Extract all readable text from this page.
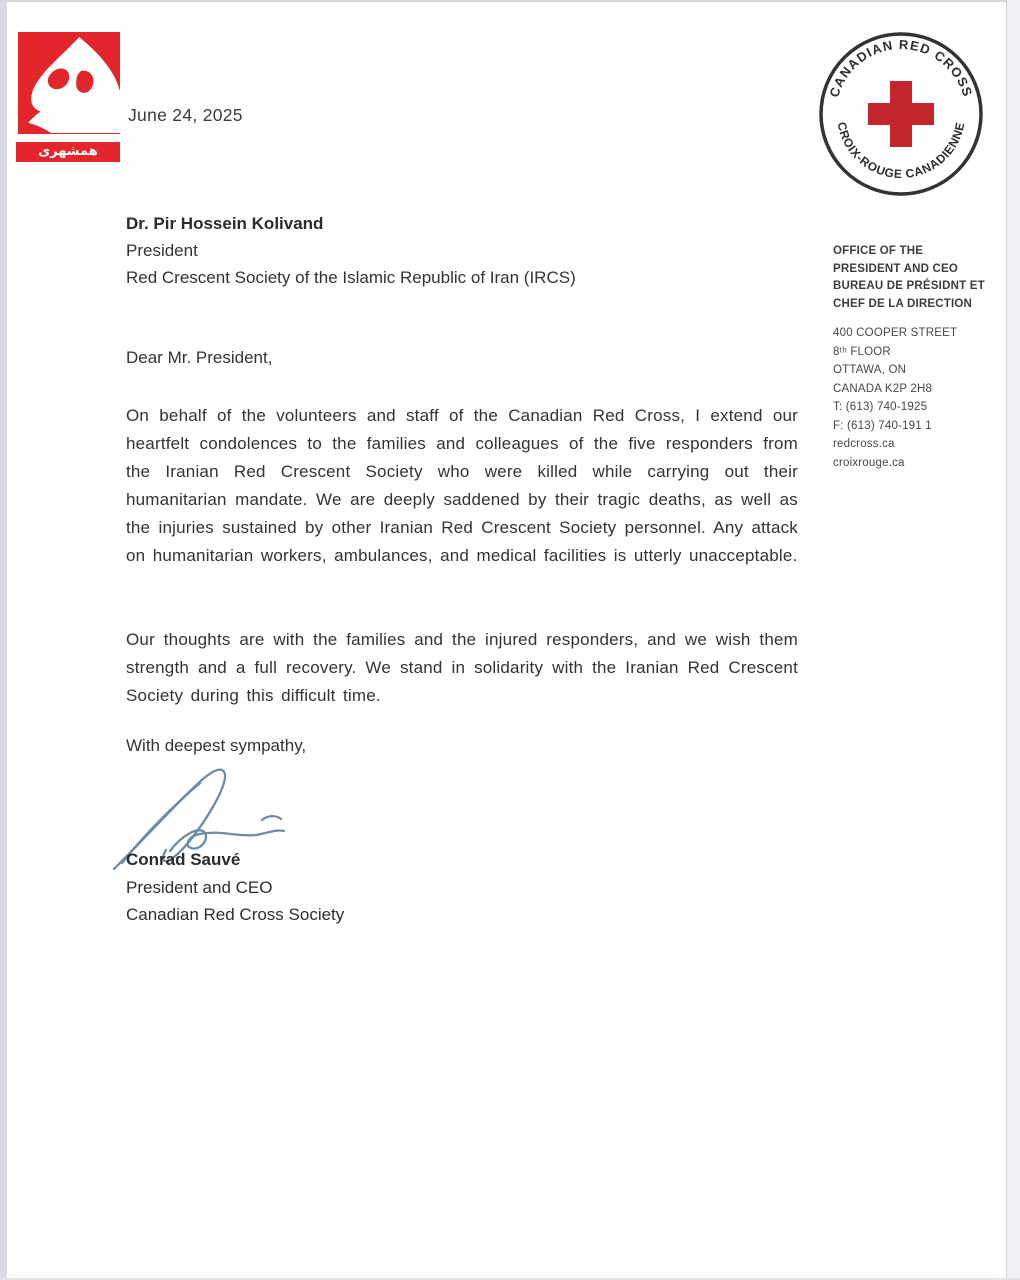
همشهری
June 24, 2025
CANADIAN RED CROSS
CROIX-ROUGE CANADIENNE
OFFICE OF THE
PRESIDENT AND CEO
BUREAU DE PRÉSIDNT ET
CHEF DE LA DIRECTION
400 COOPER STREET
8ᵗʰ FLOOR
OTTAWA, ON
CANADA K2P 2H8
T: (613) 740-1925
F: (613) 740-191 1
redcross.ca
croixrouge.ca
Dr. Pir Hossein Kolivand
President
Red Crescent Society of the Islamic Republic of Iran (IRCS)
Dear Mr. President,
On behalf of the volunteers and staff of the Canadian Red Cross, I extend our heartfelt condolences to the families and colleagues of the five responders from the Iranian Red Crescent Society who were killed while carrying out their humanitarian mandate. We are deeply saddened by their tragic deaths, as well as the injuries sustained by other Iranian Red Crescent Society personnel. Any attack on humanitarian workers, ambulances, and medical facilities is utterly unacceptable.
Our thoughts are with the families and the injured responders, and we wish them strength and a full recovery. We stand in solidarity with the Iranian Red Crescent Society during this difficult time.
With deepest sympathy,
Conrad Sauvé
President and CEO
Canadian Red Cross Society
